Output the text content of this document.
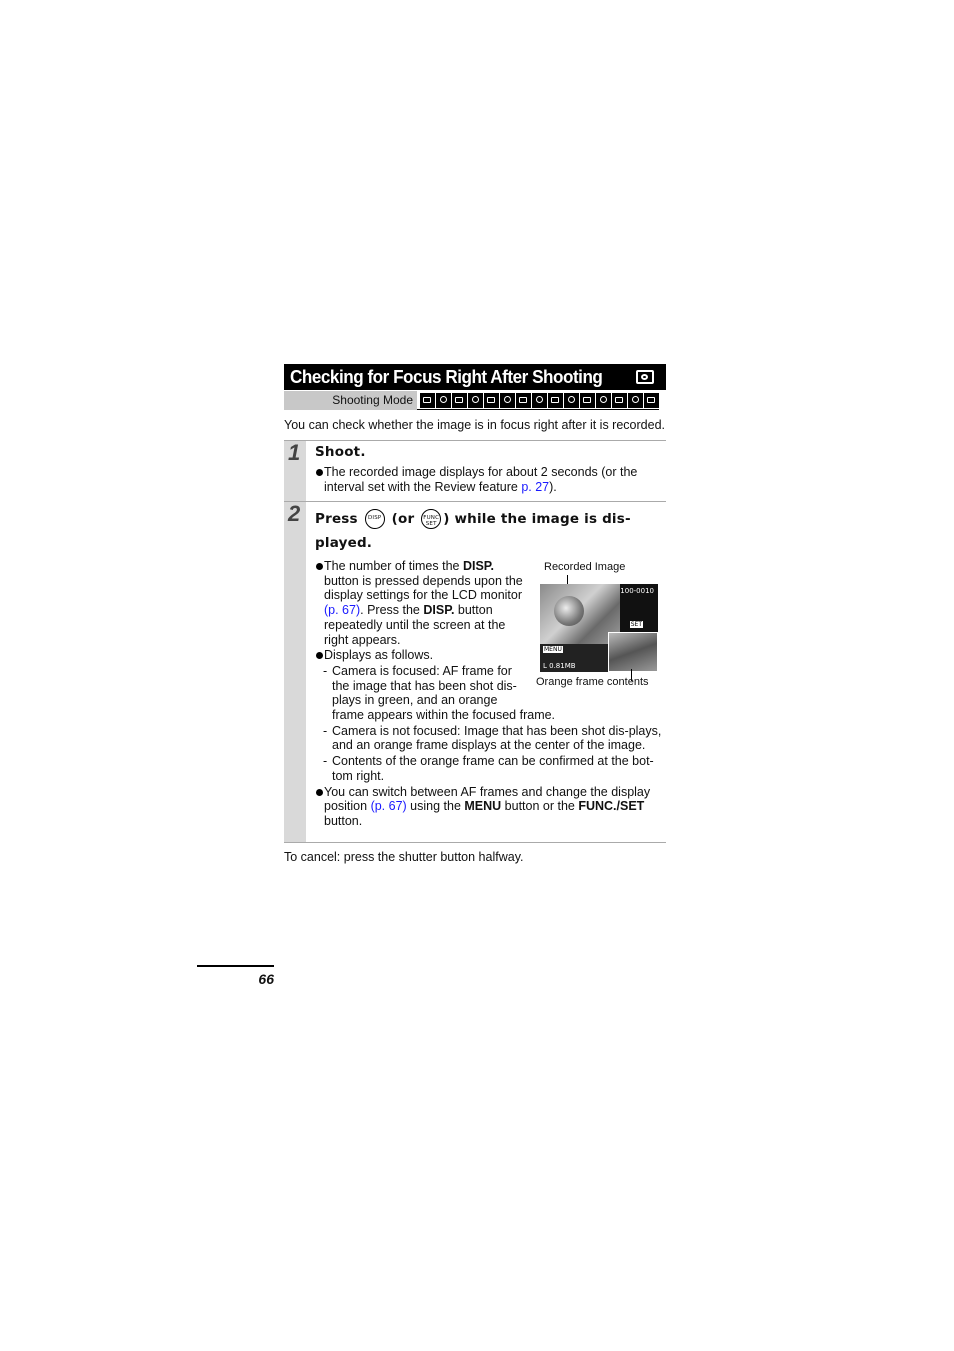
Checking for Focus Right After Shooting
Shooting Mode
You can check whether the image is in focus right after it is recorded.
1	Shoot.
The recorded image displays for about 2 seconds (or the interval set with the Review feature p. 27).
2	Press	DISP (or FUNC SET ) while the image is dis-played.
Recorded Image
100-0010
SET
MENU
L 0.81MB
Orange frame contents
The number of times the DISP. button is pressed depends upon the display settings for the LCD monitor (p. 67). Press the DISP. button repeatedly until the screen at the right appears.
Displays as follows.
- Camera is focused: AF frame for the image that has been shot dis-plays in green, and an orange frame appears within the focused frame.
- Camera is not focused: Image that has been shot dis-plays, and an orange frame displays at the center of the image.
- Contents of the orange frame can be confirmed at the bot-tom right.
You can switch between AF frames and change the display position (p. 67) using the MENU button or the FUNC./SET button.
To cancel: press the shutter button halfway.
66
